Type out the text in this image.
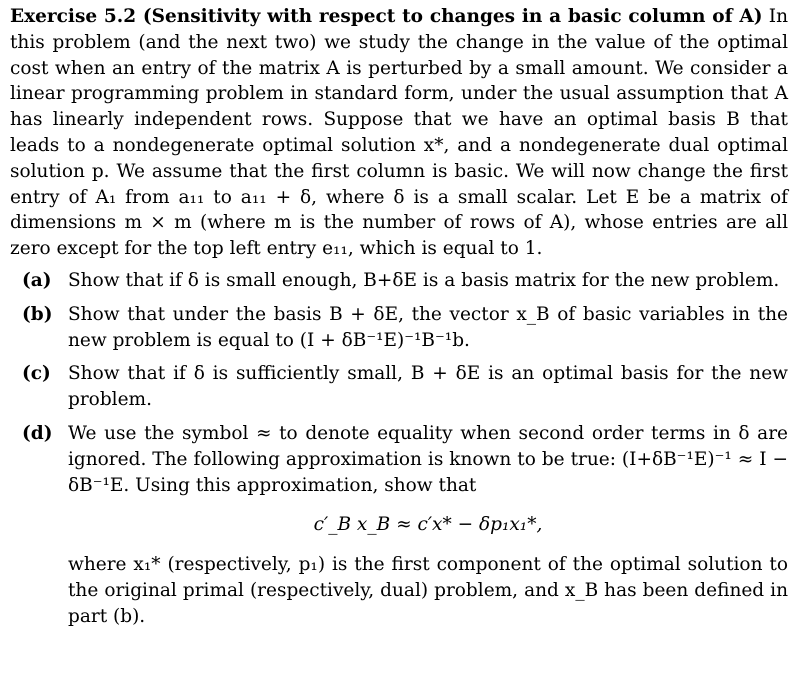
Exercise 5.2 (Sensitivity with respect to changes in a basic column of A) In this problem (and the next two) we study the change in the value of the optimal cost when an entry of the matrix A is perturbed by a small amount. We consider a linear programming problem in standard form, under the usual assumption that A has linearly independent rows. Suppose that we have an optimal basis B that leads to a nondegenerate optimal solution x*, and a nondegenerate dual optimal solution p. We assume that the first column is basic. We will now change the first entry of A₁ from a₁₁ to a₁₁ + δ, where δ is a small scalar. Let E be a matrix of dimensions m × m (where m is the number of rows of A), whose entries are all zero except for the top left entry e₁₁, which is equal to 1.

(a) Show that if δ is small enough, B+δE is a basis matrix for the new problem.
(b) Show that under the basis B + δE, the vector x_B of basic variables in the new problem is equal to (I + δB⁻¹E)⁻¹B⁻¹b.
(c) Show that if δ is sufficiently small, B + δE is an optimal basis for the new problem.
(d) We use the symbol ≈ to denote equality when second order terms in δ are ignored. The following approximation is known to be true: (I+δB⁻¹E)⁻¹ ≈ I − δB⁻¹E. Using this approximation, show that
c′_B x_B ≈ c′x* − δp₁x₁*,
where x₁* (respectively, p₁) is the first component of the optimal solution to the original primal (respectively, dual) problem, and x_B has been defined in part (b).
